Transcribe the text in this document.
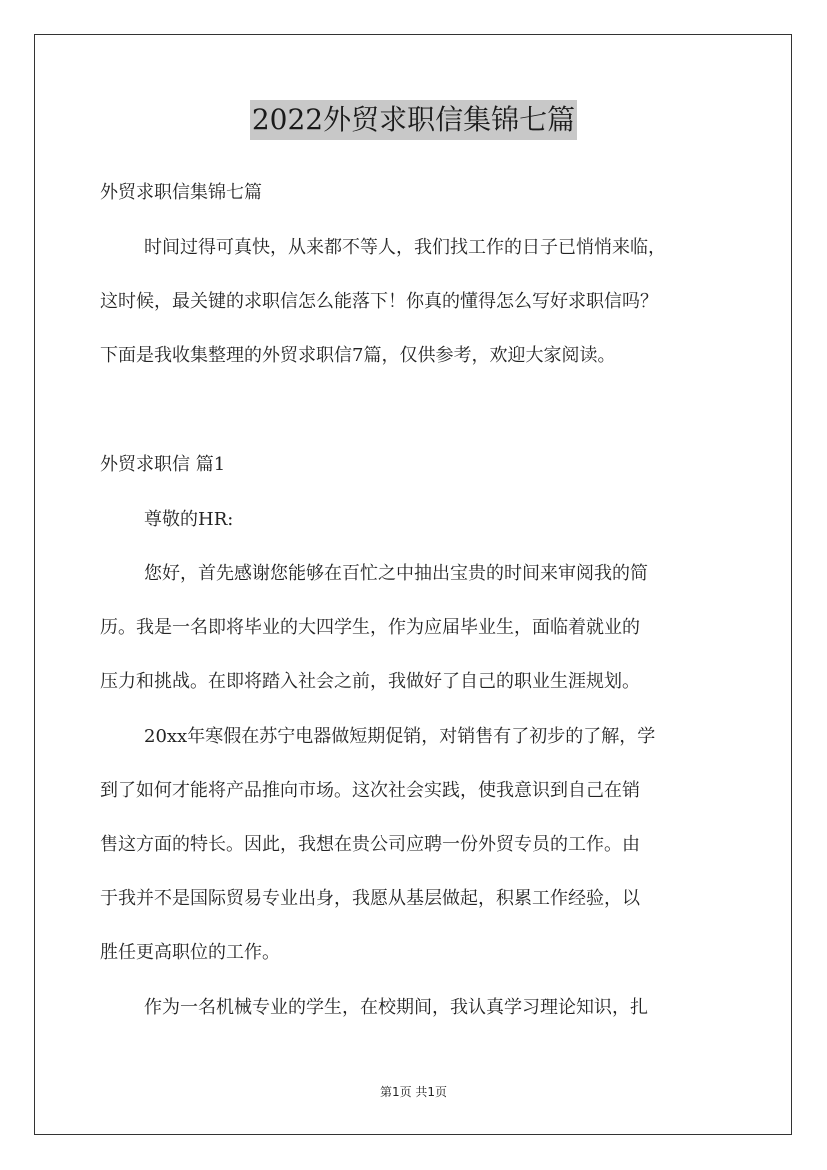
2022外贸求职信集锦七篇
外贸求职信集锦七篇
时间过得可真快，从来都不等人，我们找工作的日子已悄悄来临，
这时候，最关键的求职信怎么能落下！你真的懂得怎么写好求职信吗？
下面是我收集整理的外贸求职信7篇，仅供参考，欢迎大家阅读。
外贸求职信 篇1
尊敬的HR:
您好，首先感谢您能够在百忙之中抽出宝贵的时间来审阅我的简
历。我是一名即将毕业的大四学生，作为应届毕业生，面临着就业的
压力和挑战。在即将踏入社会之前，我做好了自己的职业生涯规划。
20xx年寒假在苏宁电器做短期促销，对销售有了初步的了解，学
到了如何才能将产品推向市场。这次社会实践，使我意识到自己在销
售这方面的特长。因此，我想在贵公司应聘一份外贸专员的工作。由
于我并不是国际贸易专业出身，我愿从基层做起，积累工作经验，以
胜任更高职位的工作。
作为一名机械专业的学生，在校期间，我认真学习理论知识，扎
第1页 共1页
